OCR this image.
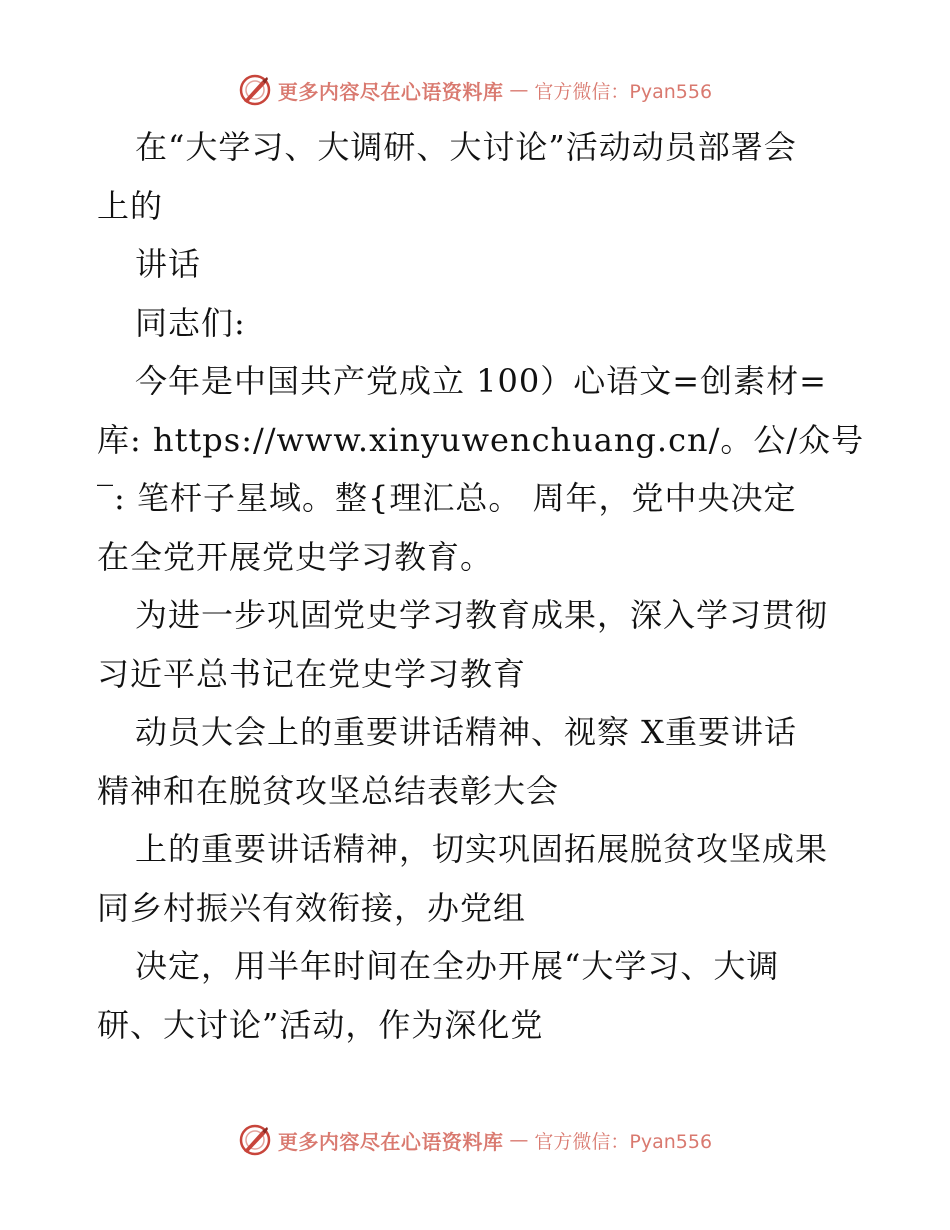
更多内容尽在心语资料库 — 官方微信：Pyan556
在“大学习、大调研、大讨论”活动动员部署会
上的
讲话
同志们:
今年是中国共产党成立 100）心语文=创素材=
库: https://www.xinyuwenchuang.cn/。公/众号
‾: 笔杆子星域。整{理汇总。 周年，党中央决定
在全党开展党史学习教育。
为进一步巩固党史学习教育成果，深入学习贯彻
习近平总书记在党史学习教育
动员大会上的重要讲话精神、视察 X重要讲话
精神和在脱贫攻坚总结表彰大会
上的重要讲话精神，切实巩固拓展脱贫攻坚成果
同乡村振兴有效衔接，办党组
决定，用半年时间在全办开展“大学习、大调
研、大讨论”活动，作为深化党
更多内容尽在心语资料库 — 官方微信：Pyan556
